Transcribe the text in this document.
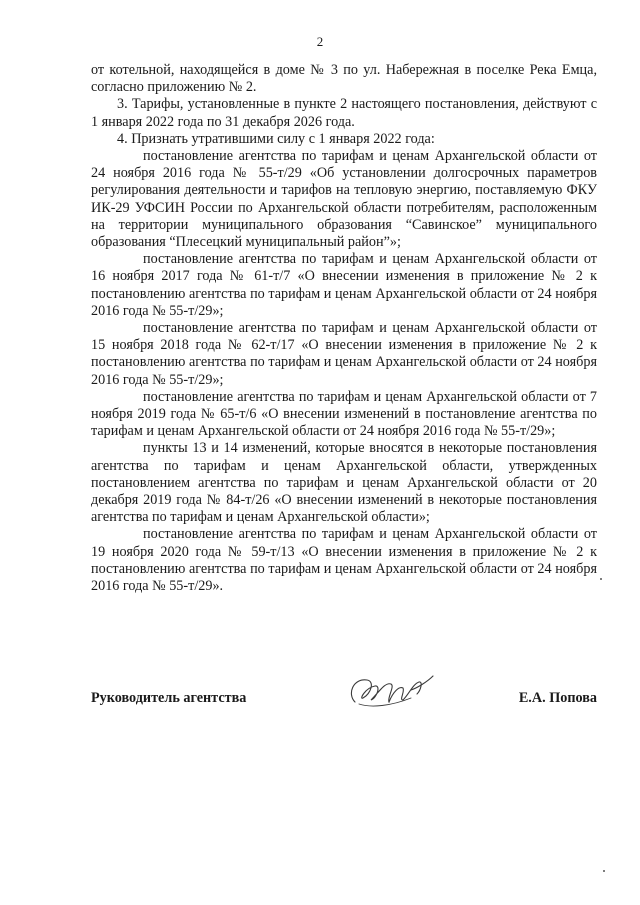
2

от котельной, находящейся в доме № 3 по ул. Набережная в поселке Река Емца, согласно приложению № 2.

3. Тарифы, установленные в пункте 2 настоящего постановления, действуют с 1 января 2022 года по 31 декабря 2026 года.

4. Признать утратившими силу с 1 января 2022 года:

постановление агентства по тарифам и ценам Архангельской области от 24 ноября 2016 года № 55-т/29 «Об установлении долгосрочных параметров регулирования деятельности и тарифов на тепловую энергию, поставляемую ФКУ ИК-29 УФСИН России по Архангельской области потребителям, расположенным на территории муниципального образования “Савинское” муниципального образования “Плесецкий муниципальный район”»;

постановление агентства по тарифам и ценам Архангельской области от 16 ноября 2017 года № 61-т/7 «О внесении изменения в приложение № 2 к постановлению агентства по тарифам и ценам Архангельской области от 24 ноября 2016 года № 55-т/29»;

постановление агентства по тарифам и ценам Архангельской области от 15 ноября 2018 года № 62-т/17 «О внесении изменения в приложение № 2 к постановлению агентства по тарифам и ценам Архангельской области от 24 ноября 2016 года № 55-т/29»;

постановление агентства по тарифам и ценам Архангельской области от 7 ноября 2019 года № 65-т/6 «О внесении изменений в постановление агентства по тарифам и ценам Архангельской области от 24 ноября 2016 года № 55-т/29»;

пункты 13 и 14 изменений, которые вносятся в некоторые постановления агентства по тарифам и ценам Архангельской области, утвержденных постановлением агентства по тарифам и ценам Архангельской области от 20 декабря 2019 года № 84-т/26 «О внесении изменений в некоторые постановления агентства по тарифам и ценам Архангельской области»;

постановление агентства по тарифам и ценам Архангельской области от 19 ноября 2020 года № 59-т/13 «О внесении изменения в приложение № 2 к постановлению агентства по тарифам и ценам Архангельской области от 24 ноября 2016 года № 55-т/29».

Руководитель агентства	Е.А. Попова
